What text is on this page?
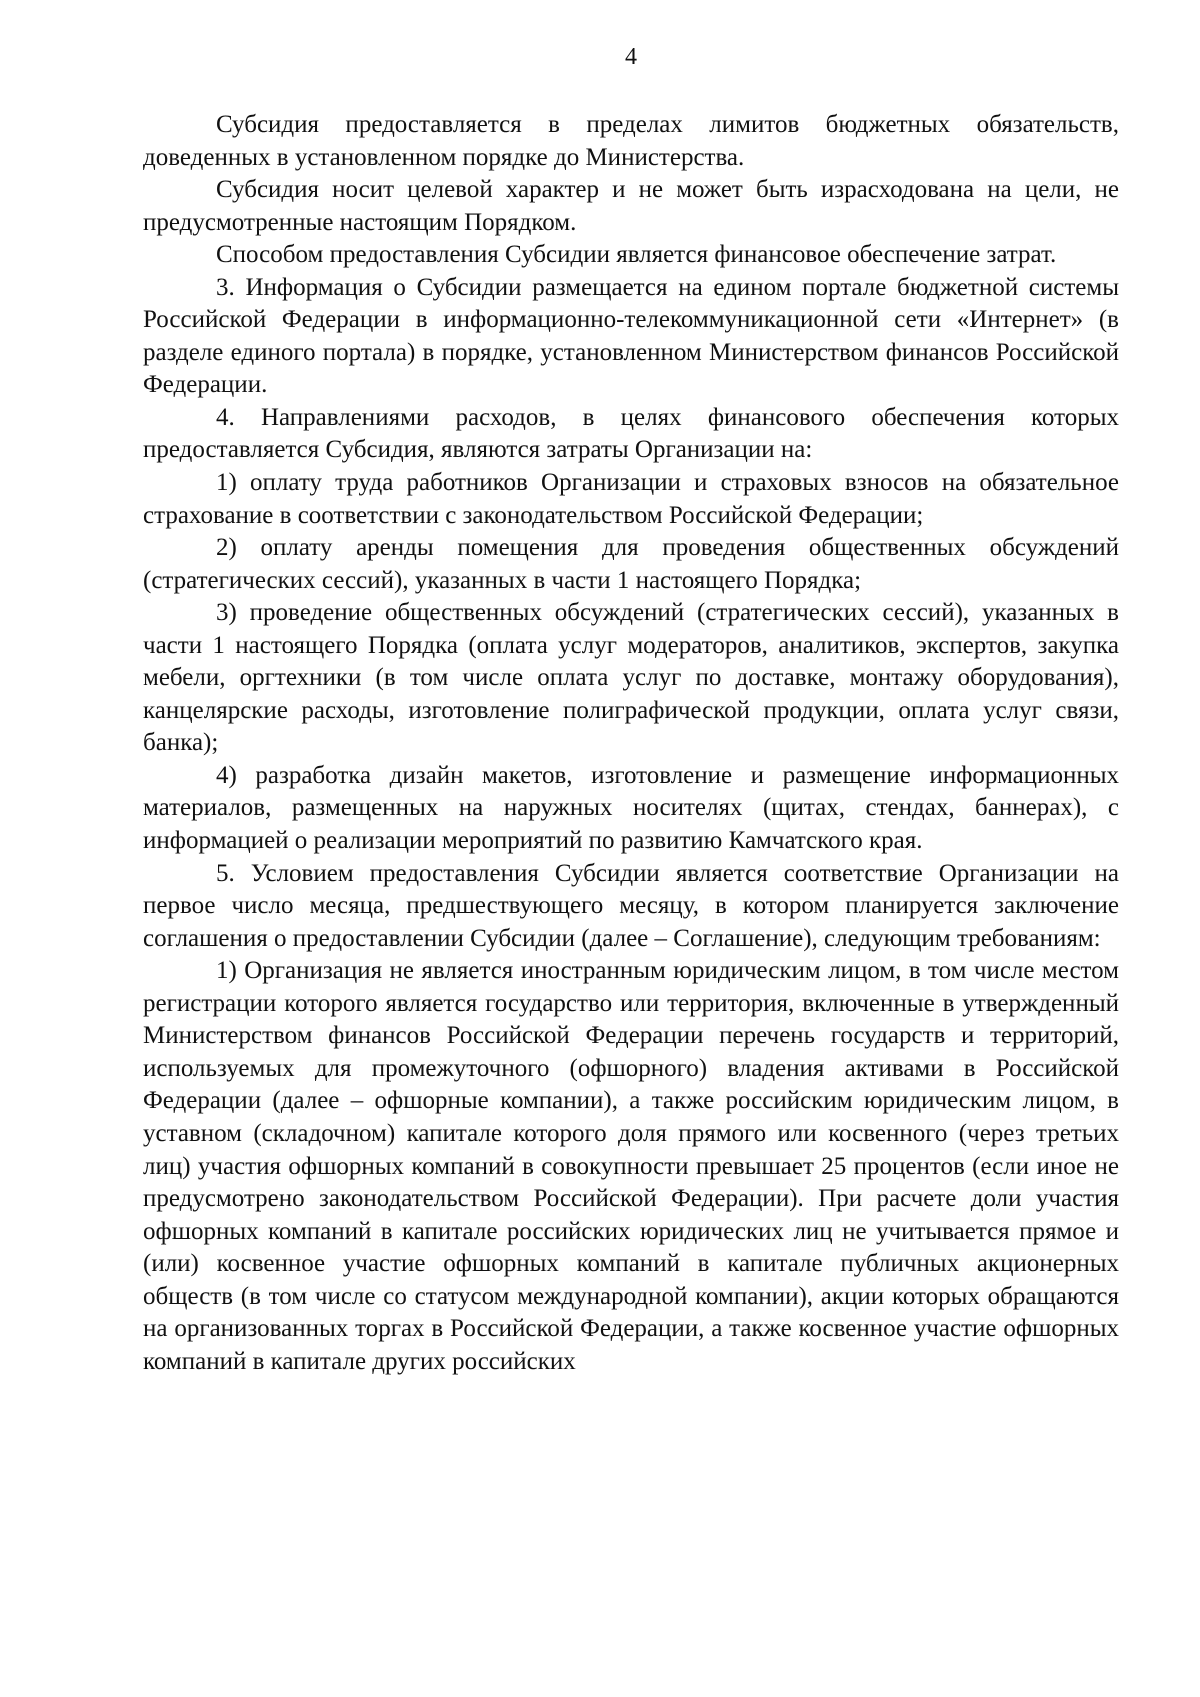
4

Субсидия предоставляется в пределах лимитов бюджетных обязательств, доведенных в установленном порядке до Министерства.

Субсидия носит целевой характер и не может быть израсходована на цели, не предусмотренные настоящим Порядком.

Способом предоставления Субсидии является финансовое обеспечение затрат.

3. Информация о Субсидии размещается на едином портале бюджетной системы Российской Федерации в информационно-телекоммуникационной сети «Интернет» (в разделе единого портала) в порядке, установленном Министерством финансов Российской Федерации.

4. Направлениями расходов, в целях финансового обеспечения которых предоставляется Субсидия, являются затраты Организации на:

1) оплату труда работников Организации и страховых взносов на обязательное страхование в соответствии с законодательством Российской Федерации;

2) оплату аренды помещения для проведения общественных обсуждений (стратегических сессий), указанных в части 1 настоящего Порядка;

3) проведение общественных обсуждений (стратегических сессий), указанных в части 1 настоящего Порядка (оплата услуг модераторов, аналитиков, экспертов, закупка мебели, оргтехники (в том числе оплата услуг по доставке, монтажу оборудования), канцелярские расходы, изготовление полиграфической продукции, оплата услуг связи, банка);

4) разработка дизайн макетов, изготовление и размещение информационных материалов, размещенных на наружных носителях (щитах, стендах, баннерах), с информацией о реализации мероприятий по развитию Камчатского края.

5. Условием предоставления Субсидии является соответствие Организации на первое число месяца, предшествующего месяцу, в котором планируется заключение соглашения о предоставлении Субсидии (далее – Соглашение), следующим требованиям:

1) Организация не является иностранным юридическим лицом, в том числе местом регистрации которого является государство или территория, включенные в утвержденный Министерством финансов Российской Федерации перечень государств и территорий, используемых для промежуточного (офшорного) владения активами в Российской Федерации (далее – офшорные компании), а также российским юридическим лицом, в уставном (складочном) капитале которого доля прямого или косвенного (через третьих лиц) участия офшорных компаний в совокупности превышает 25 процентов (если иное не предусмотрено законодательством Российской Федерации). При расчете доли участия офшорных компаний в капитале российских юридических лиц не учитывается прямое и (или) косвенное участие офшорных компаний в капитале публичных акционерных обществ (в том числе со статусом международной компании), акции которых обращаются на организованных торгах в Российской Федерации, а также косвенное участие офшорных компаний в капитале других российских
